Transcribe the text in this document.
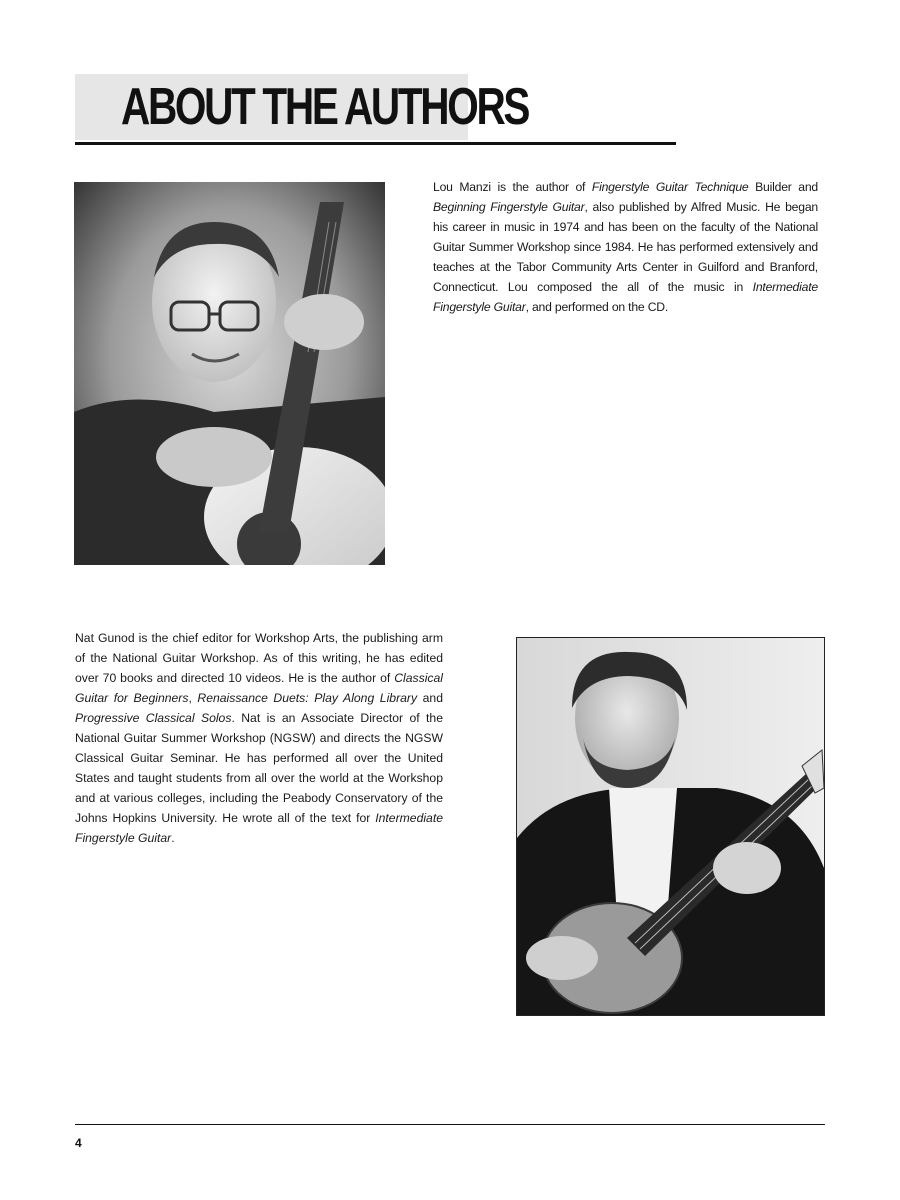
ABOUT THE AUTHORS

Lou Manzi is the author of Fingerstyle Guitar Technique Builder and Beginning Fingerstyle Guitar, also published by Alfred Music. He began his career in music in 1974 and has been on the faculty of the National Guitar Summer Workshop since 1984. He has performed extensively and teaches at the Tabor Community Arts Center in Guilford and Branford, Connecticut. Lou composed the all of the music in Intermediate Fingerstyle Guitar, and performed on the CD.

Nat Gunod is the chief editor for Workshop Arts, the publishing arm of the National Guitar Workshop. As of this writing, he has edited over 70 books and directed 10 videos. He is the author of Classical Guitar for Beginners, Renaissance Duets: Play Along Library and Progressive Classical Solos. Nat is an Associate Director of the National Guitar Summer Workshop (NGSW) and directs the NGSW Classical Guitar Seminar. He has performed all over the United States and taught students from all over the world at the Workshop and at various colleges, including the Peabody Conservatory of the Johns Hopkins University. He wrote all of the text for Intermediate Fingerstyle Guitar.

4
